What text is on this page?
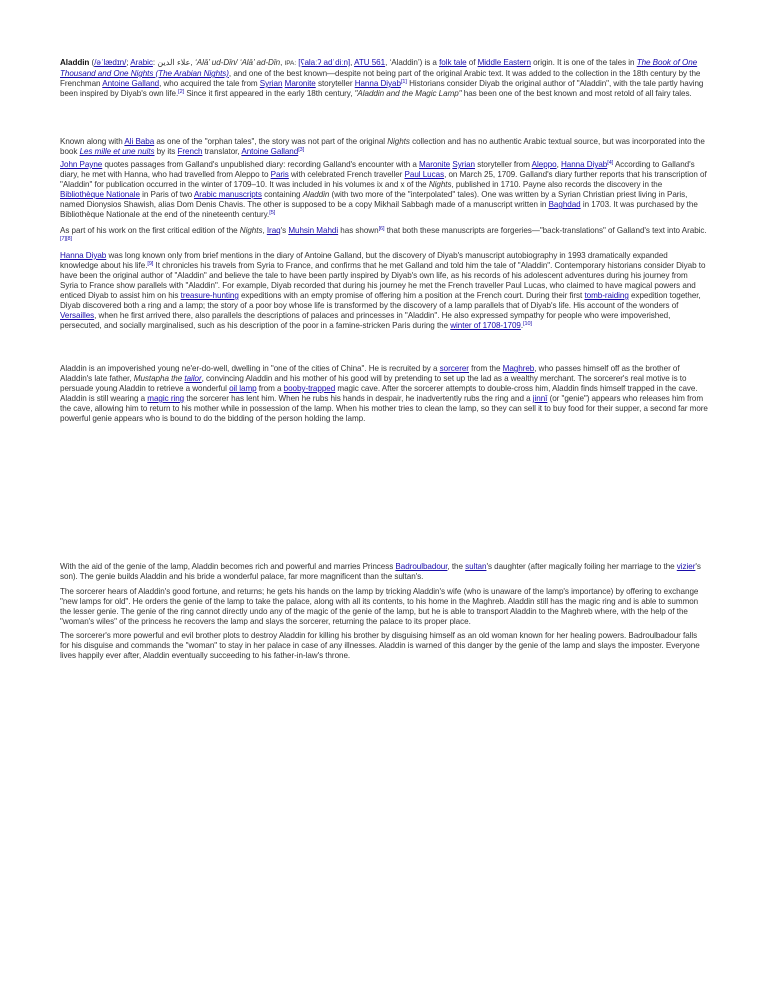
Aladdin (/əˈlædɪn/; Arabic: علاء الدين, ‘Alā’ ud-Dīn/ ‘Alā’ ad-Dīn, IPA: [ʕalaːʔ adˈdiːn], ATU 561, ‘Aladdin’) is a folk tale of Middle Eastern origin. It is one of the tales in The Book of One Thousand and One Nights (The Arabian Nights), and one of the best known—despite not being part of the original Arabic text. It was added to the collection in the 18th century by the Frenchman Antoine Galland, who acquired the tale from Syrian Maronite storyteller Hanna Diyab[1] Historians consider Diyab the original author of "Aladdin", with the tale partly having been inspired by Diyab's own life.[2] Since it first appeared in the early 18th century, "Aladdin and the Magic Lamp" has been one of the best known and most retold of all fairy tales.

Known along with Ali Baba as one of the "orphan tales", the story was not part of the original Nights collection and has no authentic Arabic textual source, but was incorporated into the book Les mille et une nuits by its French translator, Antoine Galland[3]

John Payne quotes passages from Galland's unpublished diary: recording Galland's encounter with a Maronite Syrian storyteller from Aleppo, Hanna Diyab[4] According to Galland's diary, he met with Hanna, who had travelled from Aleppo to Paris with celebrated French traveller Paul Lucas, on March 25, 1709. Galland's diary further reports that his transcription of "Aladdin" for publication occurred in the winter of 1709–10. It was included in his volumes ix and x of the Nights, published in 1710. Payne also records the discovery in the Bibliothèque Nationale in Paris of two Arabic manuscripts containing Aladdin (with two more of the "interpolated" tales). One was written by a Syrian Christian priest living in Paris, named Dionysios Shawish, alias Dom Denis Chavis. The other is supposed to be a copy Mikhail Sabbagh made of a manuscript written in Baghdad in 1703. It was purchased by the Bibliothèque Nationale at the end of the nineteenth century.[5]

As part of his work on the first critical edition of the Nights, Iraq's Muhsin Mahdi has shown[6] that both these manuscripts are forgeries—"back-translations" of Galland's text into Arabic.[7][8]

Hanna Diyab was long known only from brief mentions in the diary of Antoine Galland, but the discovery of Diyab's manuscript autobiography in 1993 dramatically expanded knowledge about his life.[9] It chronicles his travels from Syria to France, and confirms that he met Galland and told him the tale of "Aladdin". Contemporary historians consider Diyab to have been the original author of "Aladdin" and believe the tale to have been partly inspired by Diyab's own life, as his records of his adolescent adventures during his journey from Syria to France show parallels with "Aladdin". For example, Diyab recorded that during his journey he met the French traveller Paul Lucas, who claimed to have magical powers and enticed Diyab to assist him on his treasure-hunting expeditions with an empty promise of offering him a position at the French court. During their first tomb-raiding expedition together, Diyab discovered both a ring and a lamp; the story of a poor boy whose life is transformed by the discovery of a lamp parallels that of Diyab's life. His account of the wonders of Versailles, when he first arrived there, also parallels the descriptions of palaces and princesses in "Aladdin". He also expressed sympathy for people who were impoverished, persecuted, and socially marginalised, such as his description of the poor in a famine-stricken Paris during the winter of 1708-1709.[10]

Aladdin is an impoverished young ne'er-do-well, dwelling in "one of the cities of China". He is recruited by a sorcerer from the Maghreb, who passes himself off as the brother of Aladdin's late father, Mustapha the tailor, convincing Aladdin and his mother of his good will by pretending to set up the lad as a wealthy merchant. The sorcerer's real motive is to persuade young Aladdin to retrieve a wonderful oil lamp from a booby-trapped magic cave. After the sorcerer attempts to double-cross him, Aladdin finds himself trapped in the cave. Aladdin is still wearing a magic ring the sorcerer has lent him. When he rubs his hands in despair, he inadvertently rubs the ring and a jinnī (or "genie") appears who releases him from the cave, allowing him to return to his mother while in possession of the lamp. When his mother tries to clean the lamp, so they can sell it to buy food for their supper, a second far more powerful genie appears who is bound to do the bidding of the person holding the lamp.

With the aid of the genie of the lamp, Aladdin becomes rich and powerful and marries Princess Badroulbadour, the sultan's daughter (after magically foiling her marriage to the vizier's son). The genie builds Aladdin and his bride a wonderful palace, far more magnificent than the sultan's.

The sorcerer hears of Aladdin's good fortune, and returns; he gets his hands on the lamp by tricking Aladdin's wife (who is unaware of the lamp's importance) by offering to exchange "new lamps for old". He orders the genie of the lamp to take the palace, along with all its contents, to his home in the Maghreb. Aladdin still has the magic ring and is able to summon the lesser genie. The genie of the ring cannot directly undo any of the magic of the genie of the lamp, but he is able to transport Aladdin to the Maghreb where, with the help of the "woman's wiles" of the princess he recovers the lamp and slays the sorcerer, returning the palace to its proper place.

The sorcerer's more powerful and evil brother plots to destroy Aladdin for killing his brother by disguising himself as an old woman known for her healing powers. Badroulbadour falls for his disguise and commands the "woman" to stay in her palace in case of any illnesses. Aladdin is warned of this danger by the genie of the lamp and slays the imposter. Everyone lives happily ever after, Aladdin eventually succeeding to his father-in-law's throne.
